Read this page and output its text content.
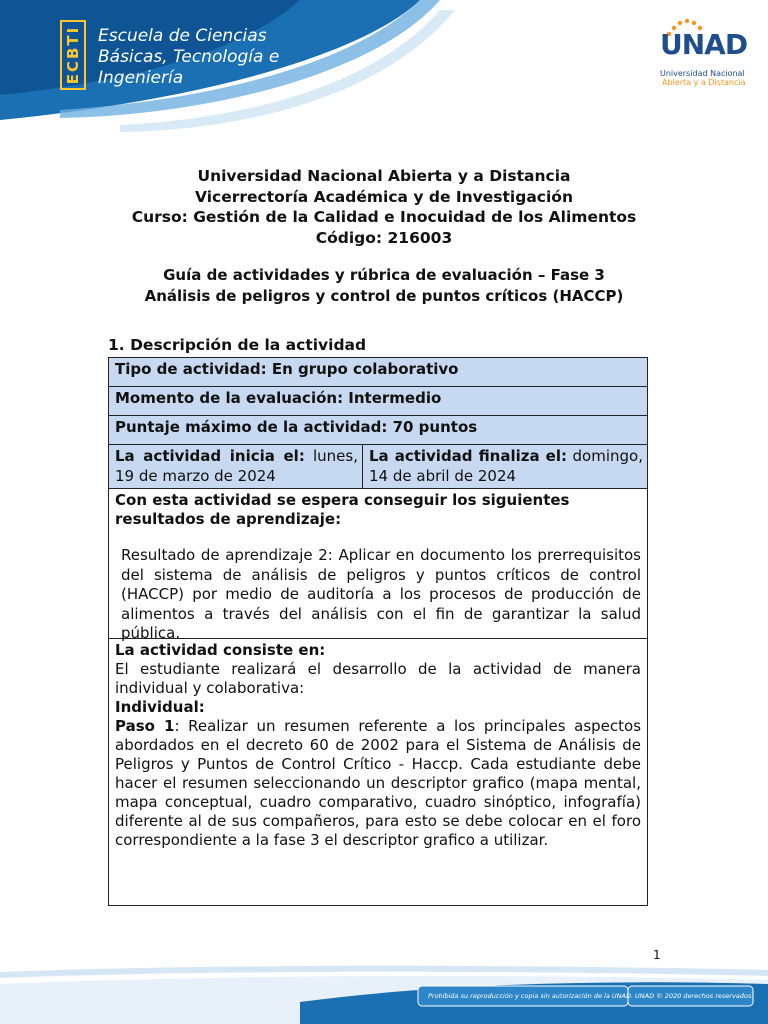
ECBTI Escuela de Ciencias
Básicas, Tecnología e
Ingeniería
UNAD
Universidad Nacional
Abierta y a Distancia
Universidad Nacional Abierta y a Distancia
Vicerrectoría Académica y de Investigación
Curso: Gestión de la Calidad e Inocuidad de los Alimentos
Código: 216003
Guía de actividades y rúbrica de evaluación – Fase 3
Análisis de peligros y control de puntos críticos (HACCP)
1. Descripción de la actividad
Tipo de actividad: En grupo colaborativo
Momento de la evaluación: Intermedio
Puntaje máximo de la actividad: 70 puntos
La actividad inicia el: lunes, 19 de marzo de 2024
La actividad finaliza el: domingo, 14 de abril de 2024
Con esta actividad se espera conseguir los siguientes resultados de aprendizaje:
Resultado de aprendizaje 2: Aplicar en documento los prerrequisitos del sistema de análisis de peligros y puntos críticos de control (HACCP) por medio de auditoría a los procesos de producción de alimentos a través del análisis con el fin de garantizar la salud pública.
La actividad consiste en:
El estudiante realizará el desarrollo de la actividad de manera individual y colaborativa:
Individual:
Paso 1: Realizar un resumen referente a los principales aspectos abordados en el decreto 60 de 2002 para el Sistema de Análisis de Peligros y Puntos de Control Crítico - Haccp. Cada estudiante debe hacer el resumen seleccionando un descriptor grafico (mapa mental, mapa conceptual, cuadro comparativo, cuadro sinóptico, infografía) diferente al de sus compañeros, para esto se debe colocar en el foro correspondiente a la fase 3 el descriptor grafico a utilizar.
1
Prohibida su reproducción y copia sin autorización de la UNAD. UNAD © 2020 derechos reservados.
